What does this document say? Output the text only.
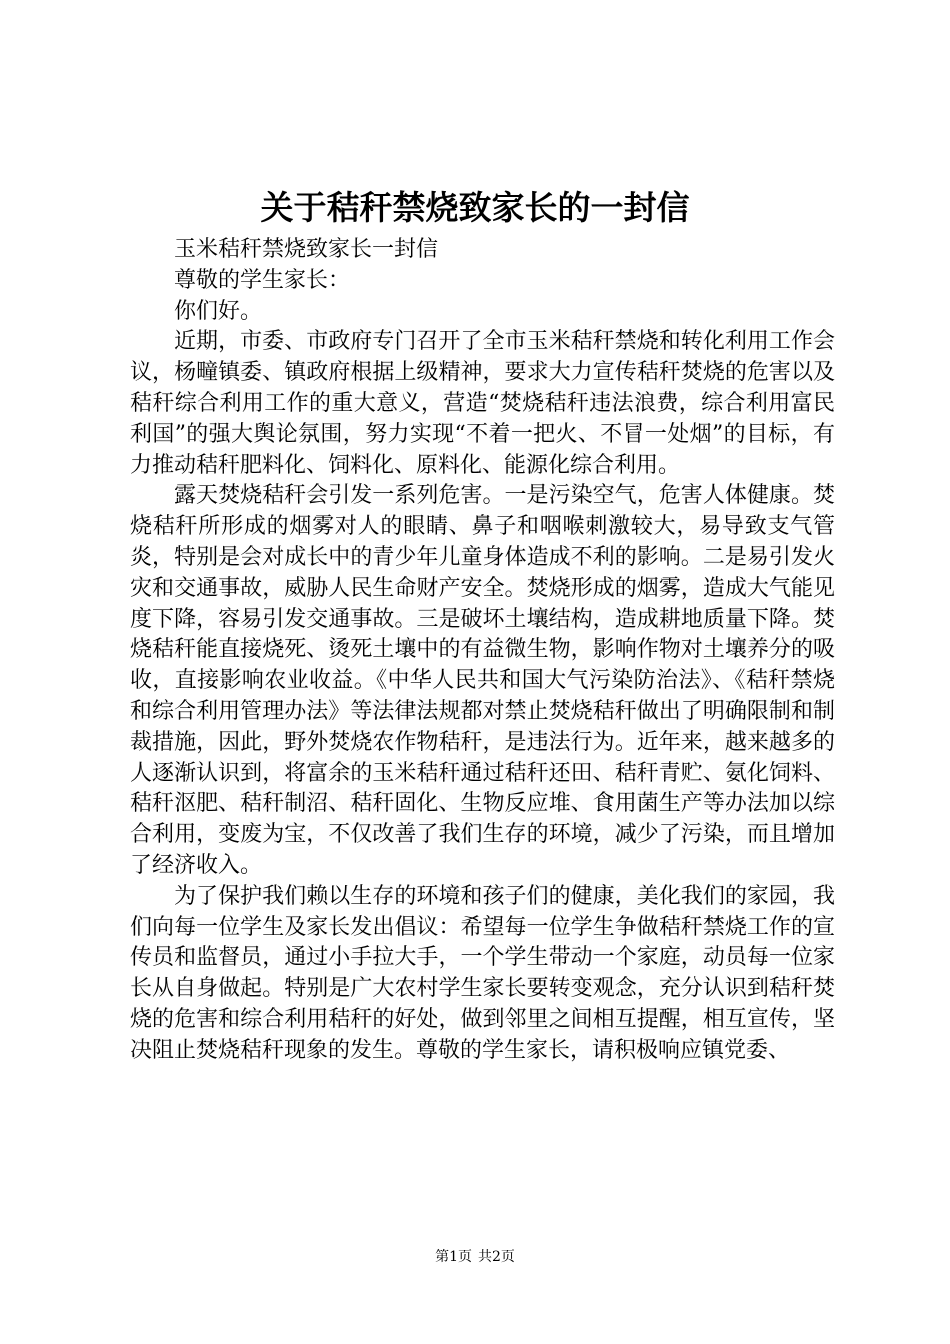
关于秸秆禁烧致家长的一封信

玉米秸秆禁烧致家长一封信

尊敬的学生家长：

你们好。

近期，市委、市政府专门召开了全市玉米秸秆禁烧和转化利用工作会议，杨疃镇委、镇政府根据上级精神，要求大力宣传秸秆焚烧的危害以及秸秆综合利用工作的重大意义，营造“焚烧秸秆违法浪费，综合利用富民利国”的强大舆论氛围，努力实现“不着一把火、不冒一处烟”的目标，有力推动秸秆肥料化、饲料化、原料化、能源化综合利用。

露天焚烧秸秆会引发一系列危害。一是污染空气，危害人体健康。焚烧秸秆所形成的烟雾对人的眼睛、鼻子和咽喉刺激较大，易导致支气管炎，特别是会对成长中的青少年儿童身体造成不利的影响。二是易引发火灾和交通事故，威胁人民生命财产安全。焚烧形成的烟雾，造成大气能见度下降，容易引发交通事故。三是破坏土壤结构，造成耕地质量下降。焚烧秸秆能直接烧死、烫死土壤中的有益微生物，影响作物对土壤养分的吸收，直接影响农业收益。《中华人民共和国大气污染防治法》、《秸秆禁烧和综合利用管理办法》等法律法规都对禁止焚烧秸秆做出了明确限制和制裁措施，因此，野外焚烧农作物秸秆，是违法行为。近年来，越来越多的人逐渐认识到，将富余的玉米秸秆通过秸秆还田、秸秆青贮、氨化饲料、秸秆沤肥、秸秆制沼、秸秆固化、生物反应堆、食用菌生产等办法加以综合利用，变废为宝，不仅改善了我们生存的环境，减少了污染，而且增加了经济收入。

为了保护我们赖以生存的环境和孩子们的健康，美化我们的家园，我们向每一位学生及家长发出倡议：希望每一位学生争做秸秆禁烧工作的宣传员和监督员，通过小手拉大手，一个学生带动一个家庭，动员每一位家长从自身做起。特别是广大农村学生家长要转变观念，充分认识到秸秆焚烧的危害和综合利用秸秆的好处，做到邻里之间相互提醒，相互宣传，坚决阻止焚烧秸秆现象的发生。尊敬的学生家长，请积极响应镇党委、

第1页 共2页
